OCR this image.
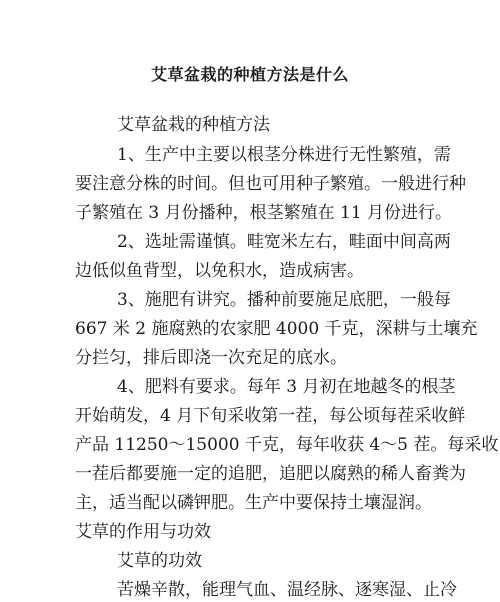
艾草盆栽的种植方法是什么
艾草盆栽的种植方法
1、生产中主要以根茎分株进行无性繁殖，需
要注意分株的时间。但也可用种子繁殖。一般进行种
子繁殖在 3 月份播种，根茎繁殖在 11 月份进行。
2、选址需谨慎。畦宽米左右，畦面中间高两
边低似鱼背型，以免积水，造成病害。
3、施肥有讲究。播种前要施足底肥，一般每
667 米 2 施腐熟的农家肥 4000 千克，深耕与土壤充
分拦匀，排后即浇一次充足的底水。
4、肥料有要求。每年 3 月初在地越冬的根茎
开始萌发，4 月下旬采收第一茬，每公顷每茬采收鲜
产品 11250～15000 千克，每年收获 4～5 茬。每采收
一茬后都要施一定的追肥，追肥以腐熟的稀人畜粪为
主，适当配以磷钾肥。生产中要保持土壤湿润。
艾草的作用与功效
艾草的功效
苦燥辛散，能理气血、温经脉、逐寒湿、止冷
